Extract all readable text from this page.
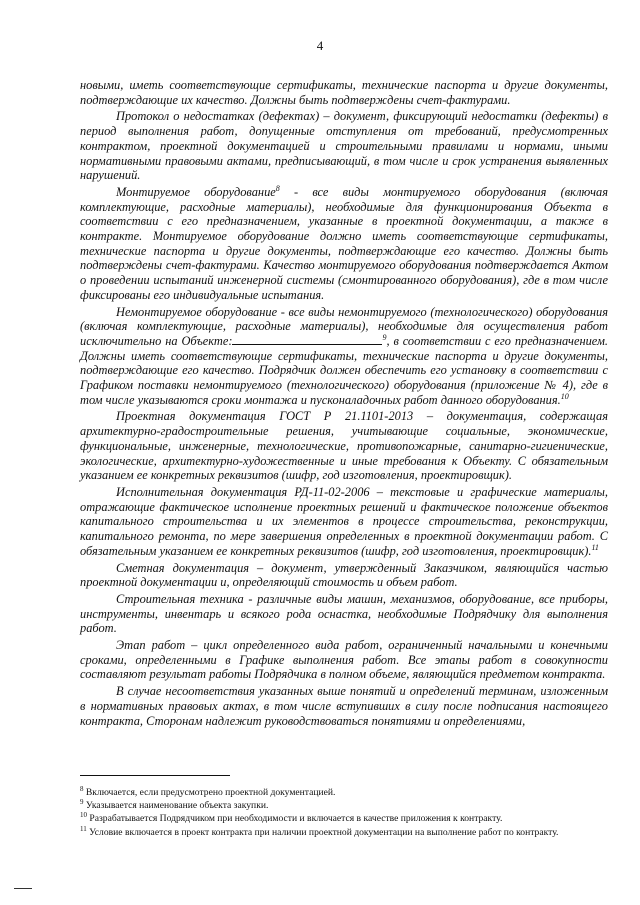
4

новыми, иметь соответствующие сертификаты, технические паспорта и другие документы, подтверждающие их качество. Должны быть подтверждены счет-фактурами.

Протокол о недостатках (дефектах) – документ, фиксирующий недостатки (дефекты) в период выполнения работ, допущенные отступления от требований, предусмотренных контрактом, проектной документацией и строительными правилами и нормами, иными нормативными правовыми актами, предписывающий, в том числе и срок устранения выявленных нарушений.

Монтируемое оборудование$^8$ - все виды монтируемого оборудования (включая комплектующие, расходные материалы), необходимые для функционирования Объекта в соответствии с его предназначением, указанные в проектной документации, а также в контракте. Монтируемое оборудование должно иметь соответствующие сертификаты, технические паспорта и другие документы, подтверждающие его качество. Должны быть подтверждены счет-фактурами. Качество монтируемого оборудования подтверждается Актом о проведении испытаний инженерной системы (смонтированного оборудования), где в том числе фиксированы его индивидуальные испытания.

Немонтируемое оборудование - все виды немонтируемого (технологического) оборудования (включая комплектующие, расходные материалы), необходимые для осуществления работ исключительно на Объекте:	$^9$, в соответствии с его предназначением. Должны иметь соответствующие сертификаты, технические паспорта и другие документы, подтверждающие его качество. Подрядчик должен обеспечить его установку в соответствии с Графиком поставки немонтируемого (технологического) оборудования (приложение № 4), где в том числе указываются сроки монтажа и пусконаладочных работ данного оборудования.$^{10}$

Проектная документация ГОСТ Р 21.1101-2013 – документация, содержащая архитектурно-градостроительные решения, учитывающие социальные, экономические, функциональные, инженерные, технологические, противопожарные, санитарно-гигиенические, экологические, архитектурно-художественные и иные требования к Объекту. С обязательным указанием ее конкретных реквизитов (шифр, год изготовления, проектировщик).

Исполнительная документация РД-11-02-2006 – текстовые и графические материалы, отражающие фактическое исполнение проектных решений и фактическое положение объектов капитального строительства и их элементов в процессе строительства, реконструкции, капитального ремонта, по мере завершения определенных в проектной документации работ. С обязательным указанием ее конкретных реквизитов (шифр, год изготовления, проектировщик).$^{11}$

Сметная документация – документ, утвержденный Заказчиком, являющийся частью проектной документации и, определяющий стоимость и объем работ.

Строительная техника - различные виды машин, механизмов, оборудование, все приборы, инструменты, инвентарь и всякого рода оснастка, необходимые Подрядчику для выполнения работ.

Этап работ – цикл определенного вида работ, ограниченный начальными и конечными сроками, определенными в Графике выполнения работ. Все этапы работ в совокупности составляют результат работы Подрядчика в полном объеме, являющийся предметом контракта.

В случае несоответствия указанных выше понятий и определений терминам, изложенным в нормативных правовых актах, в том числе вступивших в силу после подписания настоящего контракта, Сторонам надлежит руководствоваться понятиями и определениями,

$^8$ Включается, если предусмотрено проектной документацией.

$^9$ Указывается наименование объекта закупки.

$^{10}$ Разрабатывается Подрядчиком при необходимости и включается в качестве приложения к контракту.

$^{11}$ Условие включается в проект контракта при наличии проектной документации на выполнение работ по контракту.
